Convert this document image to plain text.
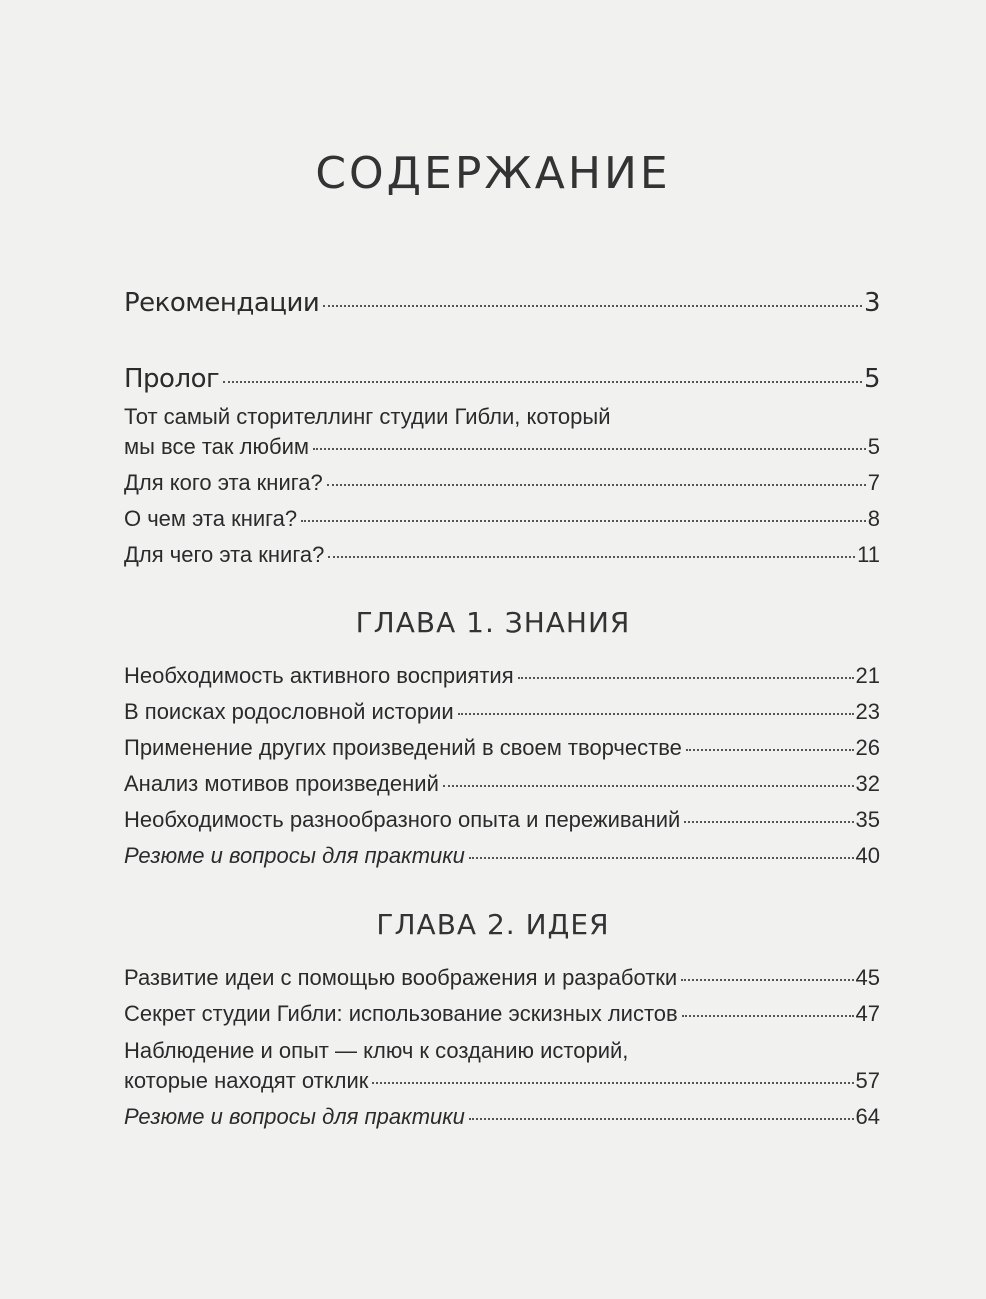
СОДЕРЖАНИЕ
ГЛАВА 1. ЗНАНИЯ
ГЛАВА 2. ИДЕЯ
Рекомендации	3
Пролог	5
Тот самый сторителлинг студии Гибли, который
мы все так любим	5
Для кого эта книга?	7
О чем эта книга?	8
Для чего эта книга?	11
Необходимость активного восприятия	21
В поисках родословной истории	23
Применение других произведений в своем творчестве	26
Анализ мотивов произведений	32
Необходимость разнообразного опыта и переживаний	35
Резюме и вопросы для практики	40
Развитие идеи с помощью воображения и разработки	45
Секрет студии Гибли: использование эскизных листов	47
Наблюдение и опыт — ключ к созданию историй,
которые находят отклик	57
Резюме и вопросы для практики	64
